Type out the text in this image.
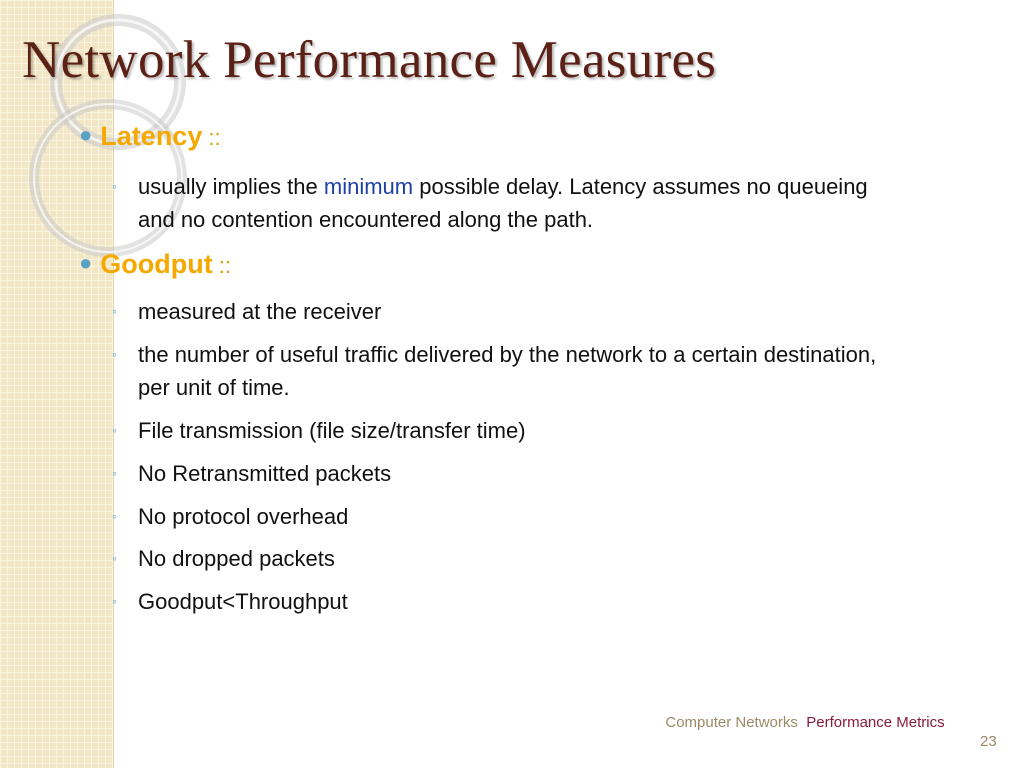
Network Performance Measures
● Latency ::
◦ usually implies the minimum possible delay. Latency assumes no queueing and no contention encountered along the path.
● Goodput ::
◦ measured at the receiver
◦ the number of useful traffic delivered by the network to a certain destination, per unit of time.
◦ File transmission (file size/transfer time)
◦ No Retransmitted packets
◦ No protocol overhead
◦ No dropped packets
◦ Goodput<Throughput
Computer Networks Performance Metrics
23
